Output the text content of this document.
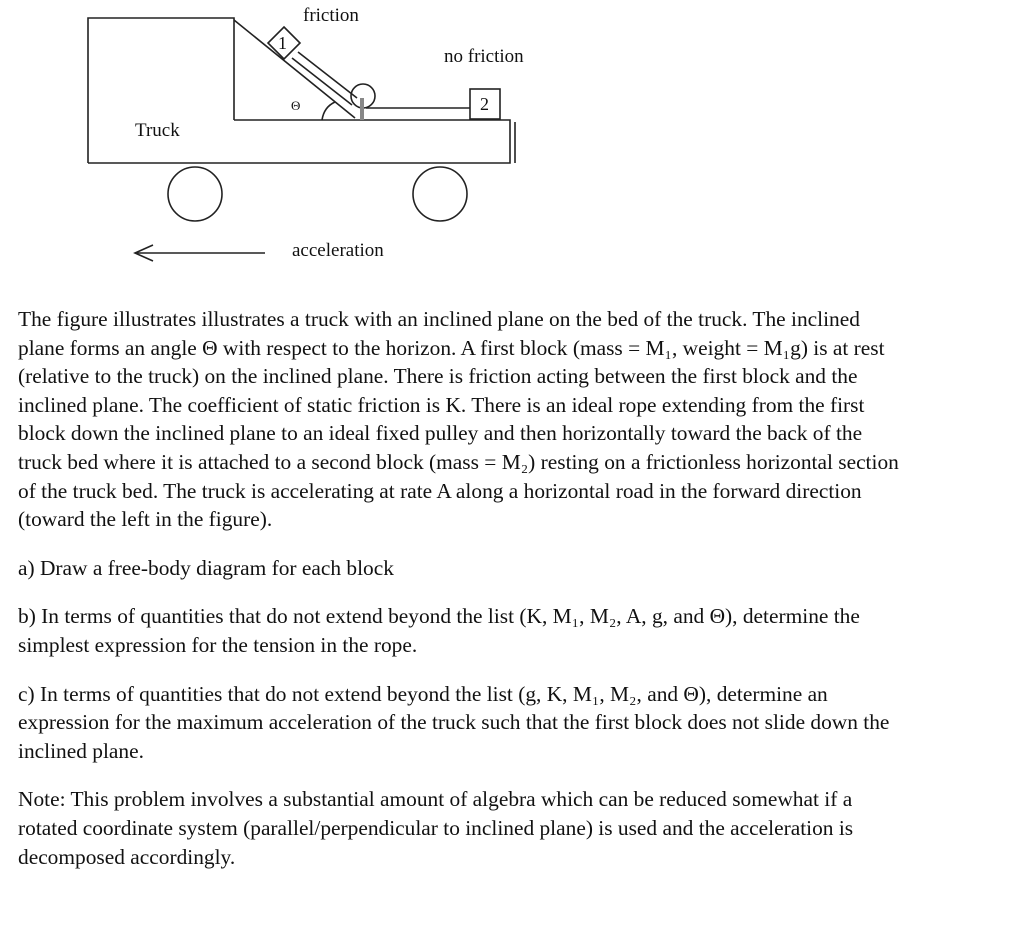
1
2
friction
no friction
Θ
Truck
acceleration

The figure illustrates illustrates a truck with an inclined plane on the bed of the truck. The inclined
plane forms an angle Θ with respect to the horizon. A first block (mass = M₁, weight = M₁g) is at rest
(relative to the truck) on the inclined plane. There is friction acting between the first block and the
inclined plane. The coefficient of static friction is K. There is an ideal rope extending from the first
block down the inclined plane to an ideal fixed pulley and then horizontally toward the back of the
truck bed where it is attached to a second block (mass = M₂) resting on a frictionless horizontal section
of the truck bed. The truck is accelerating at rate A along a horizontal road in the forward direction
(toward the left in the figure).

a) Draw a free-body diagram for each block

b) In terms of quantities that do not extend beyond the list (K, M₁, M₂, A, g, and Θ), determine the
simplest expression for the tension in the rope.

c) In terms of quantities that do not extend beyond the list (g, K, M₁, M₂, and Θ), determine an
expression for the maximum acceleration of the truck such that the first block does not slide down the
inclined plane.

Note: This problem involves a substantial amount of algebra which can be reduced somewhat if a
rotated coordinate system (parallel/perpendicular to inclined plane) is used and the acceleration is
decomposed accordingly.
